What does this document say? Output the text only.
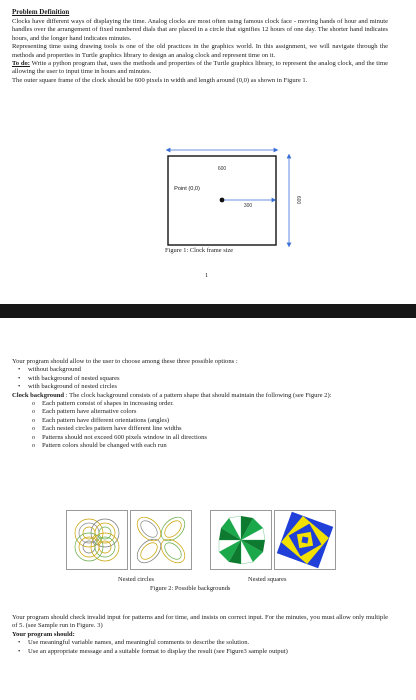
Problem Definition

Clocks have different ways of displaying the time. Analog clocks are most often using famous clock face - moving hands of hour and minute handles over the arrangement of fixed numbered dials that are placed in a circle that signifies 12 hours of one day. The shorter hand indicates hours, and the longer hand indicates minutes.

Representing time using drawing tools is one of the old practices in the graphics world. In this assignment, we will navigate through the methods and properties in Turtle graphics library to design an analog clock and represent time on it.

To do: Write a python program that, uses the methods and properties of the Turtle graphics library, to represent the analog clock, and the time allowing the user to input time in hours and minutes.

The outer square frame of the clock should be 600 pixels in width and length around (0,0) as shown in Figure 1.

600
600
300
Point (0,0)
Figure 1: Clock frame size
1

Your program should allow to the user to choose among these three possible options :

• without background
• with background of nested squares
• with background of nested circles

Clock background : The clock background consists of a pattern shape that should maintain the following (see Figure 2):

o Each pattern consist of shapes in increasing order.
o Each pattern have alternative colors
o Each pattern have different orientations (angles)
o Each nested circles pattern have different line widths
o Patterns should not exceed 600 pixels window in all directions
o Pattern colors should be changed with each run
Nested circles	Nested squares
Figure 2: Possible backgrounds

Your program should check invalid input for patterns and for time, and insists on correct input. For the minutes, you must allow only multiple of 5. (see Sample run in Figure. 3)

Your program should:

• Use meaningful variable names, and meaningful comments to describe the solution.
• Use an appropriate message and a suitable format to display the result (see Figure3 sample output)
